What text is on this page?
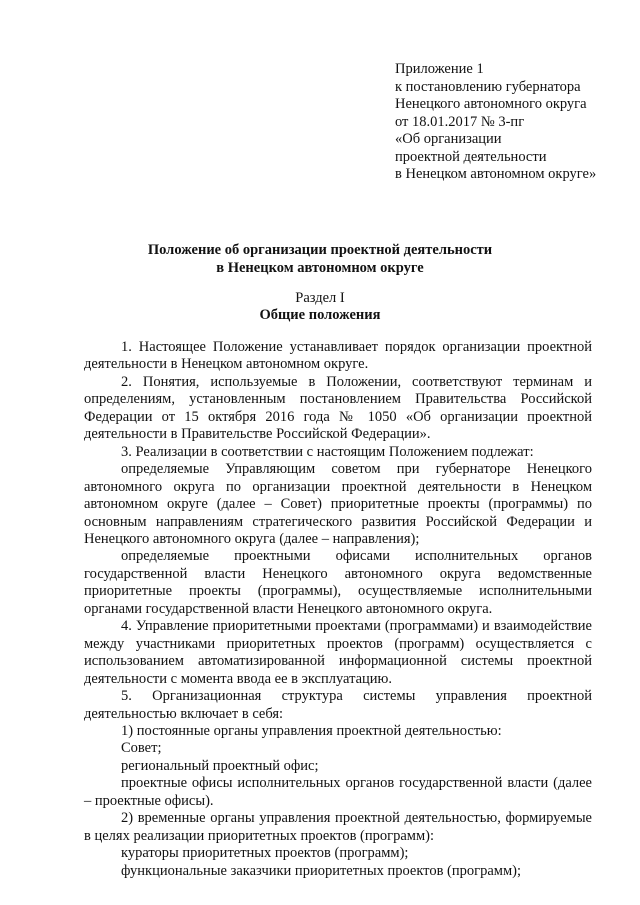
Приложение 1
к постановлению губернатора
Ненецкого автономного округа
от 18.01.2017 № 3-пг
«Об организации
проектной деятельности
в Ненецком автономном округе»
Положение об организации проектной деятельности
в Ненецком автономном округе
Раздел I
Общие положения

1. Настоящее Положение устанавливает порядок организации проектной деятельности в Ненецком автономном округе.

2. Понятия, используемые в Положении, соответствуют терминам и определениям, установленным постановлением Правительства Российской Федерации от 15 октября 2016 года № 1050 «Об организации проектной деятельности в Правительстве Российской Федерации».

3. Реализации в соответствии с настоящим Положением подлежат:

определяемые Управляющим советом при губернаторе Ненецкого автономного округа по организации проектной деятельности в Ненецком автономном округе (далее – Совет) приоритетные проекты (программы) по основным направлениям стратегического развития Российской Федерации и Ненецкого автономного округа (далее – направления);

определяемые проектными офисами исполнительных органов государственной власти Ненецкого автономного округа ведомственные приоритетные проекты (программы), осуществляемые исполнительными органами государственной власти Ненецкого автономного округа.

4. Управление приоритетными проектами (программами) и взаимодействие между участниками приоритетных проектов (программ) осуществляется с использованием автоматизированной информационной системы проектной деятельности с момента ввода ее в эксплуатацию.

5. Организационная структура системы управления проектной деятельностью включает в себя:

1) постоянные органы управления проектной деятельностью:

Совет;

региональный проектный офис;

проектные офисы исполнительных органов государственной власти (далее – проектные офисы).

2) временные органы управления проектной деятельностью, формируемые в целях реализации приоритетных проектов (программ):

кураторы приоритетных проектов (программ);

функциональные заказчики приоритетных проектов (программ);
